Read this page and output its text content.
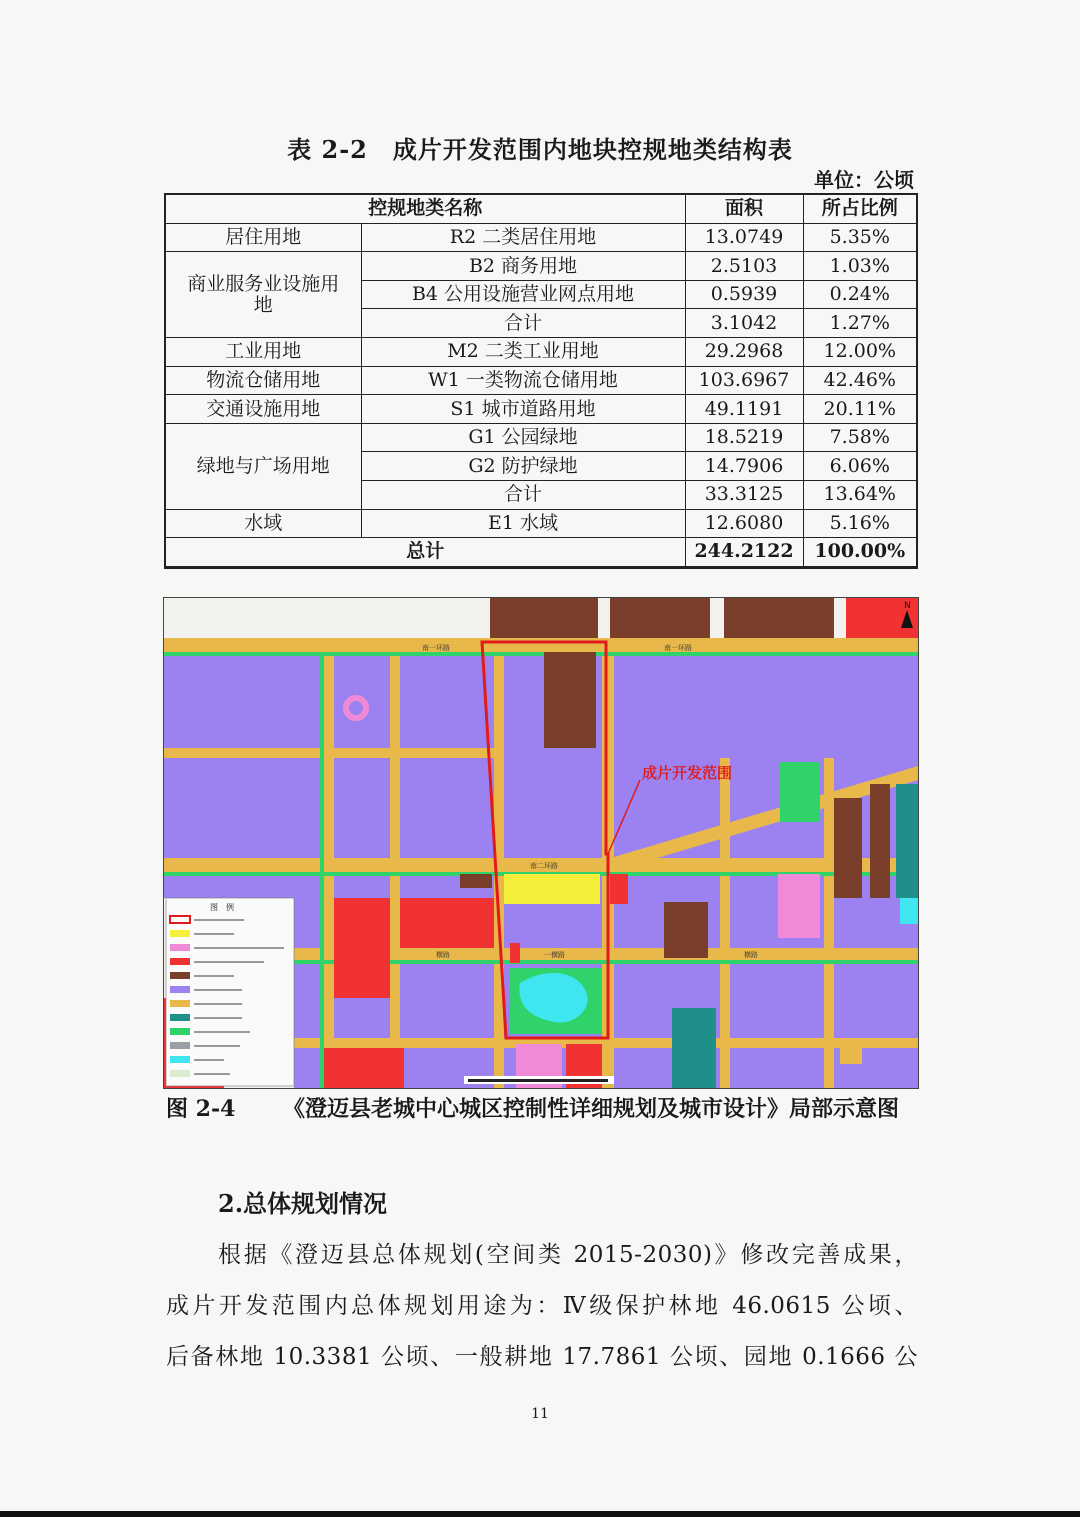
表 2-2　成片开发范围内地块控规地类结构表
单位：公顷
控规地类名称		面积	所占比例
居住用地	R2 二类居住用地	13.0749	5.35%
商业服务业设施用地	B2 商务用地	2.5103	1.03%
	B4 公用设施营业网点用地	0.5939	0.24%
	合计	3.1042	1.27%
工业用地	M2 二类工业用地	29.2968	12.00%
物流仓储用地	W1 一类物流仓储用地	103.6967	42.46%
交通设施用地	S1 城市道路用地	49.1191	20.11%
绿地与广场用地	G1 公园绿地	18.5219	7.58%
	G2 防护绿地	14.7906	6.06%
	合计	33.3125	13.64%
水域	E1 水域	12.6080	5.16%
总计		244.2122	100.00%
成片开发范围
南一环路	南一环路
南二环路
一横路
横路	横路
N
图　例
图 2-4	《澄迈县老城中心城区控制性详细规划及城市设计》局部示意图
2.总体规划情况
根据《澄迈县总体规划(空间类 2015-2030)》修改完善成果，
成片开发范围内总体规划用途为：Ⅳ级保护林地 46.0615 公顷、
后备林地 10.3381 公顷、一般耕地 17.7861 公顷、园地 0.1666 公
11
